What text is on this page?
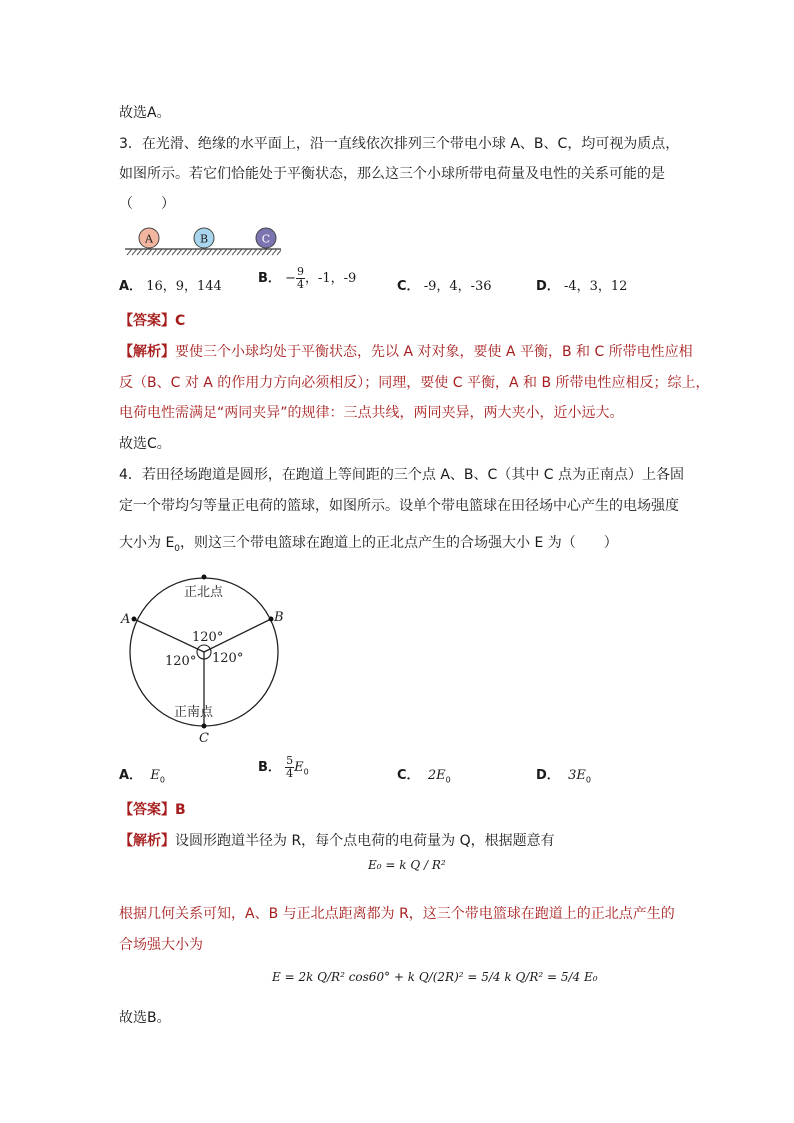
故选A。
3．在光滑、绝缘的水平面上，沿一直线依次排列三个带电小球 A、B、C，均可视为质点，
如图所示。若它们恰能处于平衡状态，那么这三个小球所带电荷量及电性的关系可能的是
（　　）
A	B	C
A． 16，9，144
B． − $\frac{9}{4}$ ，-1，-9
C． -9，4，-36	D． -4，3，12
【答案】C
【解析】要使三个小球均处于平衡状态，先以 A 对对象，要使 A 平衡，B 和 C 所带电性应相
反（B、C 对 A 的作用力方向必须相反）；同理，要使 C 平衡，A 和 B 所带电性应相反；综上，
电荷电性需满足“两同夹异”的规律：三点共线，两同夹异，两大夹小，近小远大。
故选C。
4．若田径场跑道是圆形，在跑道上等间距的三个点 A、B、C（其中 C 点为正南点）上各固
定一个带均匀等量正电荷的篮球，如图所示。设单个带电篮球在田径场中心产生的电场强度
大小为 $E_0$，则这三个带电篮球在跑道上的正北点产生的合场强大小 E 为（　　）
正北点
正南点
A	B
C
120°
120° 120°
A． $E_0$
B． $\frac{5}{4} E_0$	C． $2E_0$	D． $3E_0$
【答案】B
【解析】设圆形跑道半径为 R，每个点电荷的电荷量为 Q，根据题意有
E₀ = k Q / R²
根据几何关系可知，A、B 与正北点距离都为 R，这三个带电篮球在跑道上的正北点产生的
合场强大小为
E = 2k Q/R² cos60° + k Q/(2R)² = 5/4 k Q/R² = 5/4 E₀
故选B。
